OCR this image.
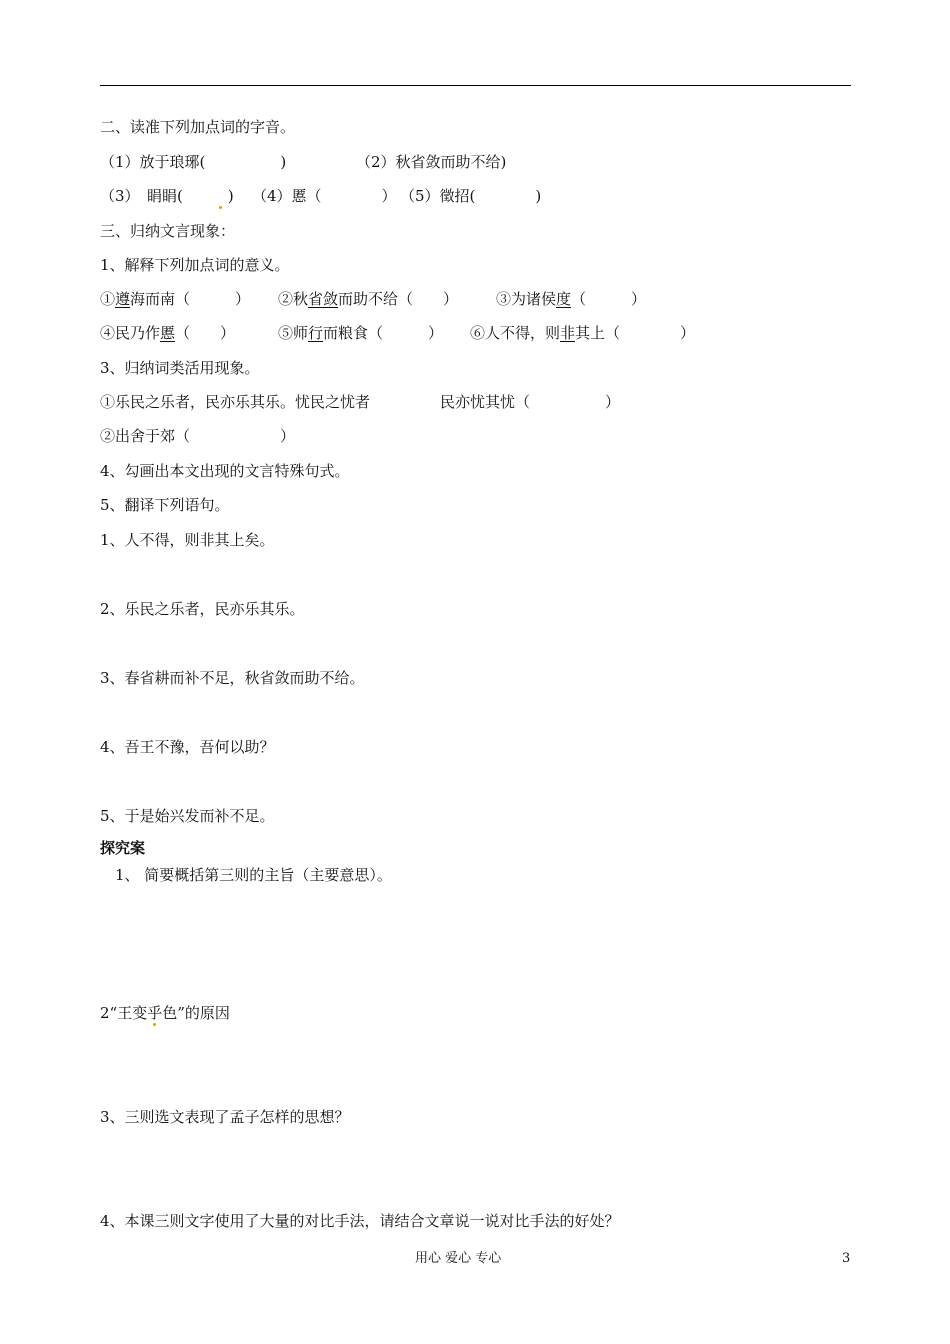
二、读准下列加点词的字音。

（1）放于琅琊(　　　　　)

	（2）秋省敛而助不给)

（3）　睊睊(　　　)

（4）慝（　　　　）

（5）徵招(　　　　)

三、归纳文言现象：
1、解释下列加点词的意义。

①遵海而南（　　　）

②秋省敛而助不给（　　）

	③为诸侯度（　　　）

④民乃作慝（　　）

	⑤师行而粮食（　　　）

⑥人不得，则非其上（　　　　）

3、归纳词类活用现象。

①乐民之乐者，民亦乐其乐。忧民之忧者

	民亦忧其忧（　　　　　）

②出舍于郊（　　　　　　）
4、勾画出本文出现的文言特殊句式。
5、翻译下列语句。
1、人不得，则非其上矣。
2、乐民之乐者，民亦乐其乐。
3、春省耕而补不足，秋省敛而助不给。
4、吾王不豫，吾何以助？
5、于是始兴发而补不足。
探究案
　1、 简要概括第三则的主旨（主要意思）。
2“王变乎色”的原因
3、三则选文表现了孟子怎样的思想？
4、本课三则文字使用了大量的对比手法，请结合文章说一说对比手法的好处？
用心 爱心 专心	3
